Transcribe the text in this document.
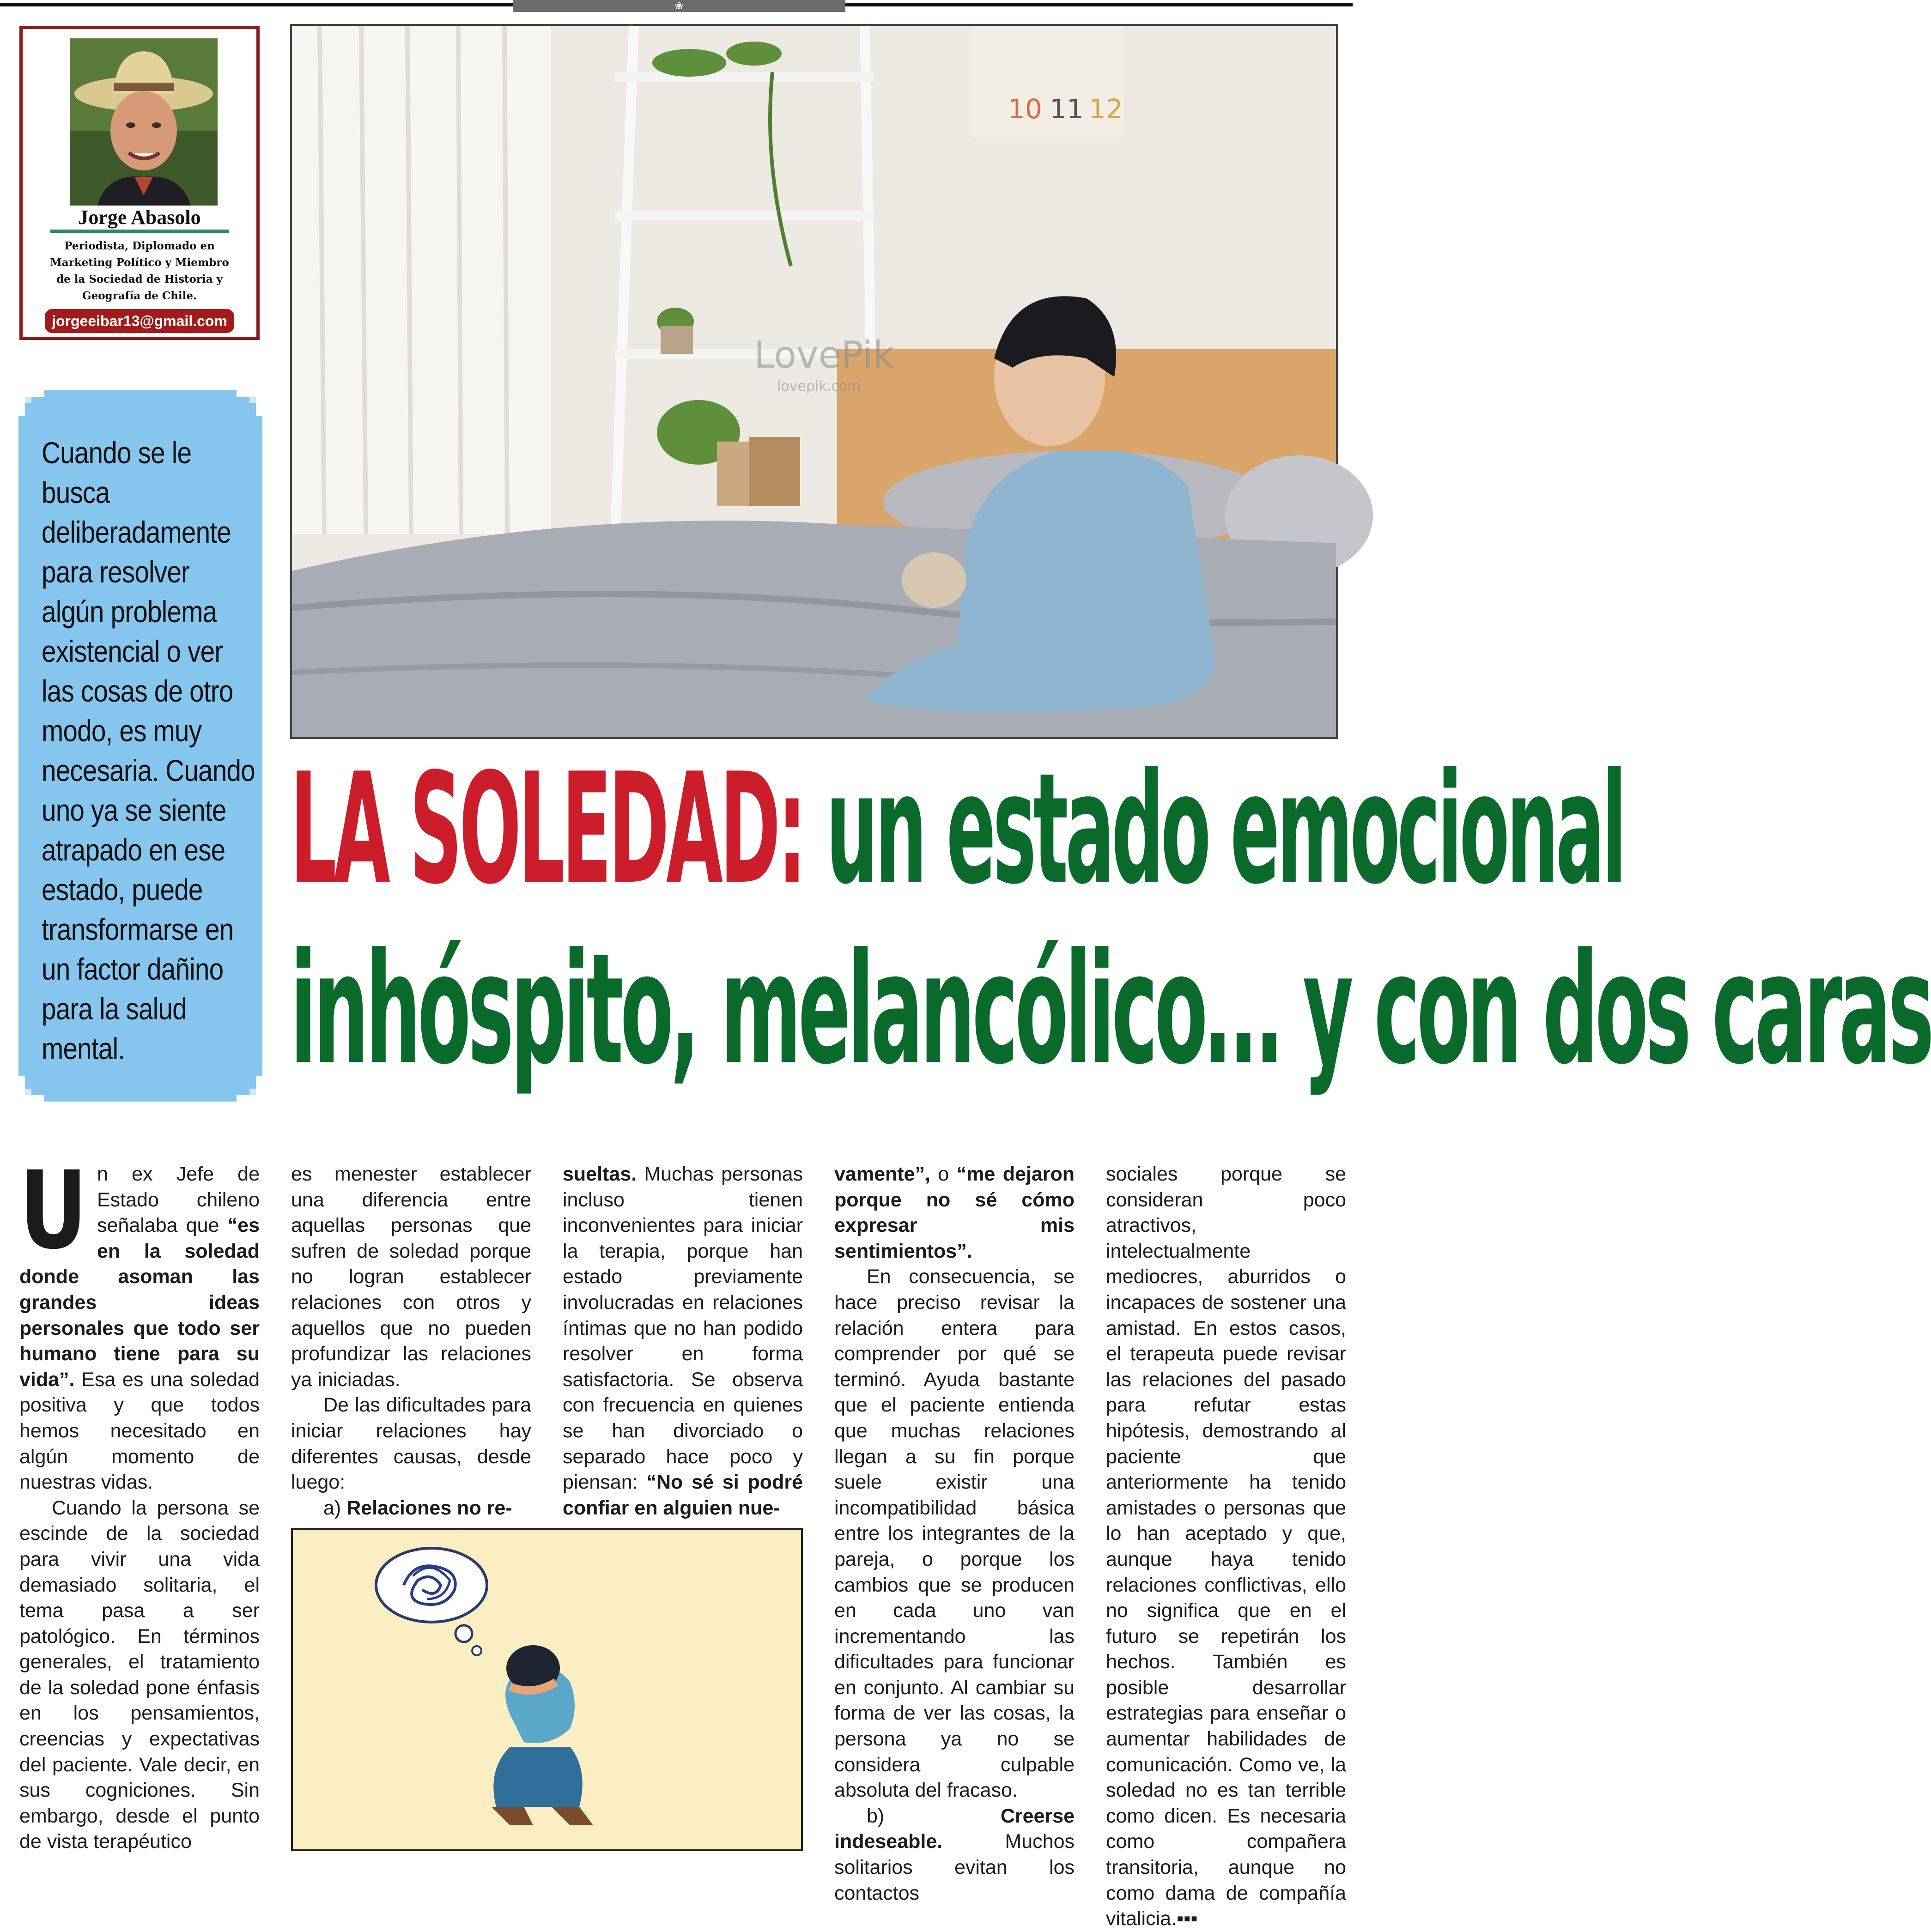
❀
Jorge Abasolo
Periodista, Diplomado en Marketing Político y Miembro de la Sociedad de Historia y Geografía de Chile.
jorgeeibar13@gmail.com
Cuando se le busca deliberadamente para resolver algún problema existencial o ver las cosas de otro modo, es muy necesaria. Cuando uno ya se siente atrapado en ese estado, puede transformarse en un factor dañino para la salud mental.
10 11 12
LovePik
lovepik.com
LA SOLEDAD: un estado emocional
inhóspito, melancólico… y con dos caras

Un ex Jefe de Estado chileno señalaba que “es en la soledad donde asoman las grandes ideas personales que todo ser humano tiene para su vida”. Esa es una soledad positiva y que todos hemos necesitado en algún momento de nuestras vidas.

Cuando la persona se escinde de la sociedad para vivir una vida demasiado solitaria, el tema pasa a ser patológico. En términos generales, el tratamiento de la soledad pone énfasis en los pensamientos, creencias y expectativas del paciente. Vale decir, en sus cogniciones. Sin embargo, desde el punto de vista terapéutico

es menester establecer una diferencia entre aquellas personas que sufren de soledad porque no logran establecer relaciones con otros y aquellos que no pueden profundizar las relaciones ya iniciadas.

De las dificultades para iniciar relaciones hay diferentes causas, desde luego:

a) Relaciones no re-

sueltas. Muchas personas incluso tienen inconvenientes para iniciar la terapia, porque han estado previamente involucradas en relaciones íntimas que no han podido resolver en forma satisfactoria. Se observa con frecuencia en quienes se han divorciado o separado hace poco y piensan: “No sé si podré confiar en alguien nue-

vamente”, o “me dejaron porque no sé cómo expresar mis sentimientos”.

En consecuencia, se hace preciso revisar la relación entera para comprender por qué se terminó. Ayuda bastante que el paciente entienda que muchas relaciones llegan a su fin porque suele existir una incompatibilidad básica entre los integrantes de la pareja, o porque los cambios que se producen en cada uno van incrementando las dificultades para funcionar en conjunto. Al cambiar su forma de ver las cosas, la persona ya no se considera culpable absoluta del fracaso.

b) Creerse indeseable. Muchos solitarios evitan los contactos

sociales porque se consideran poco atractivos, intelectualmente mediocres, aburridos o incapaces de sostener una amistad. En estos casos, el terapeuta puede revisar las relaciones del pasado para refutar estas hipótesis, demostrando al paciente que anteriormente ha tenido amistades o personas que lo han aceptado y que, aunque haya tenido relaciones conflictivas, ello no significa que en el futuro se repetirán los hechos. También es posible desarrollar estrategias para enseñar o aumentar habilidades de comunicación. Como ve, la soledad no es tan terrible como dicen. Es necesaria como compañera transitoria, aunque no como dama de compañía vitalicia.▪▪▪
